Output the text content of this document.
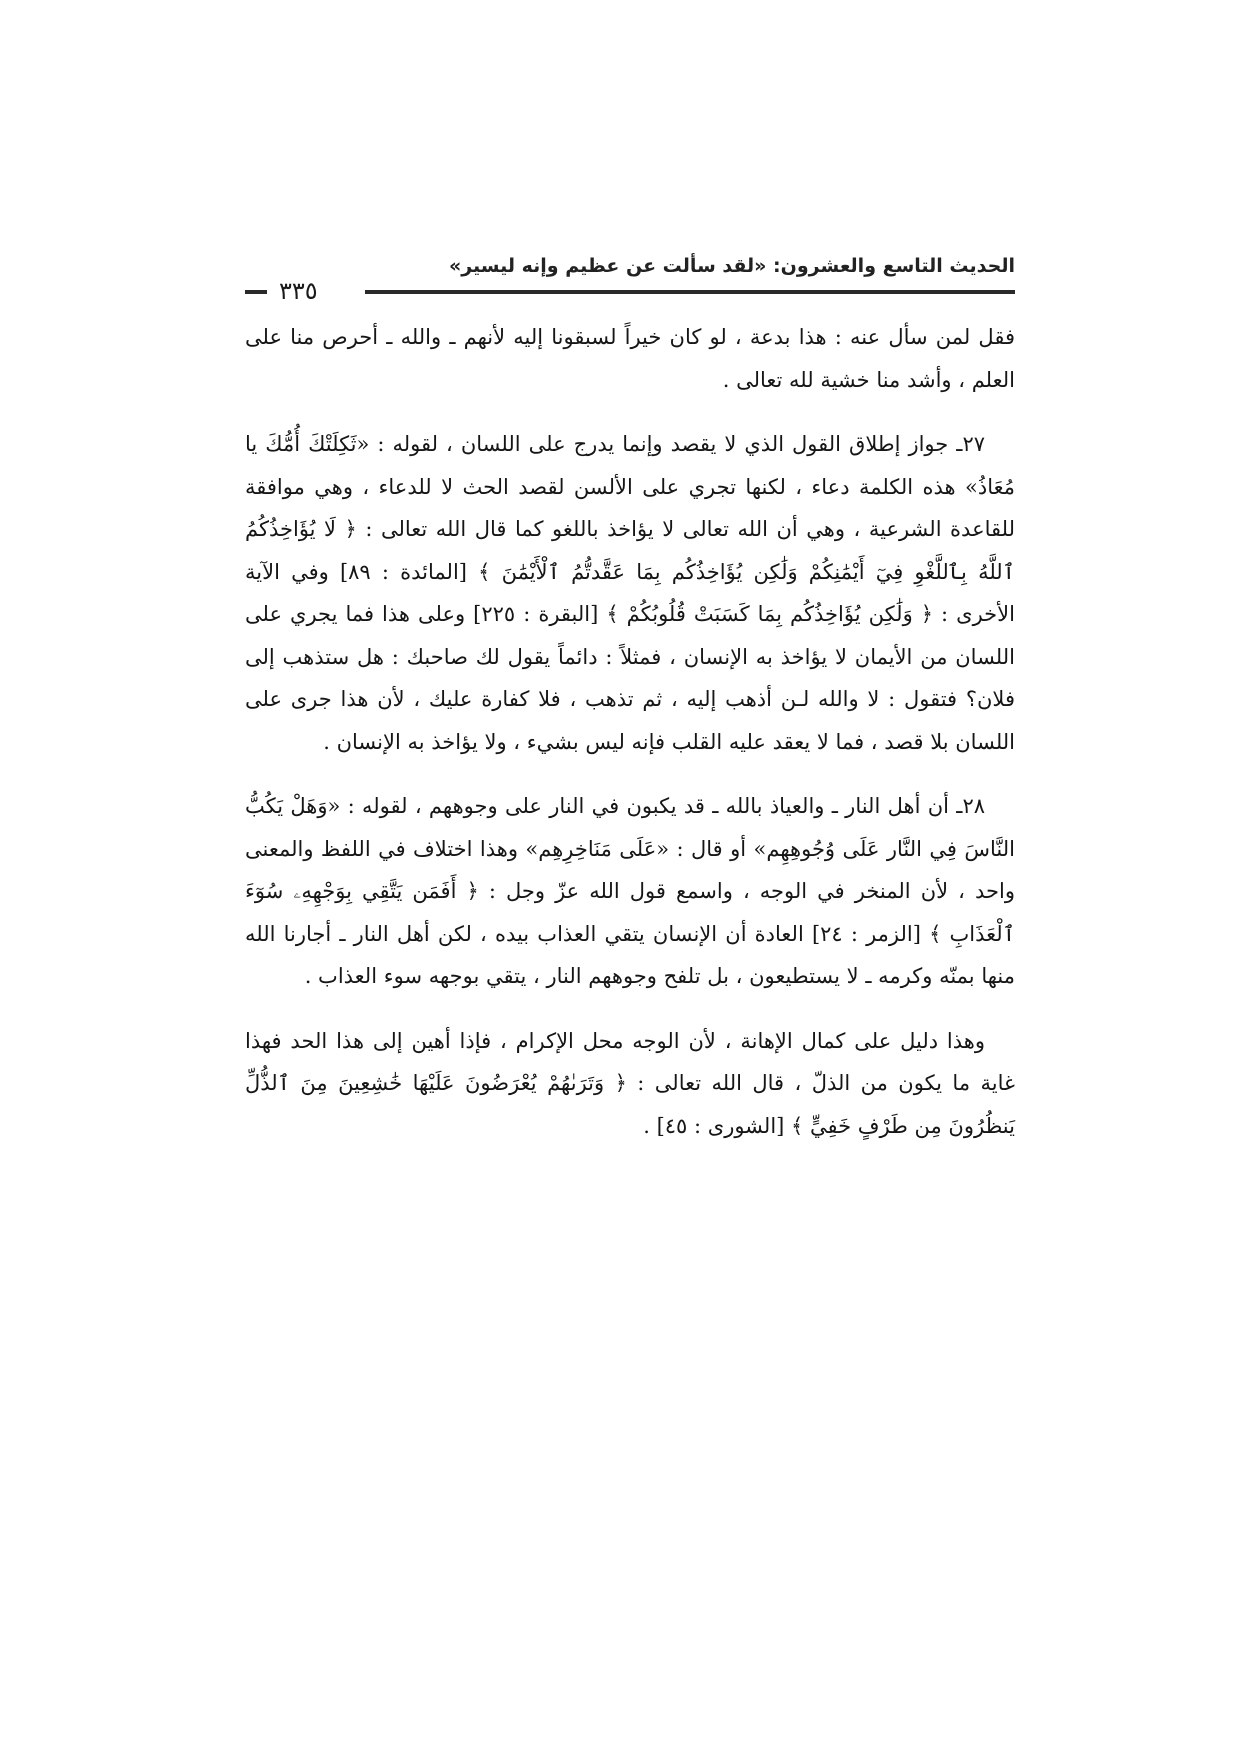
الحديث التاسع والعشرون: «لقد سألت عن عظيم وإنه ليسير»
٣٣٥

فقل لمن سأل عنه : هذا بدعة ، لو كان خيراً لسبقونا إليه لأنهم ـ والله ـ أحرص منا على العلم ، وأشد منا خشية لله تعالى .

٢٧ـ جواز إطلاق القول الذي لا يقصد وإنما يدرج على اللسان ، لقوله : «ثَكِلَتْكَ أُمُّكَ يا مُعَاذُ» هذه الكلمة دعاء ، لكنها تجري على الألسن لقصد الحث لا للدعاء ، وهي موافقة للقاعدة الشرعية ، وهي أن الله تعالى لا يؤاخذ باللغو كما قال الله تعالى : ﴿ لَا يُؤَاخِذُكُمُ ٱللَّهُ بِٱللَّغْوِ فِيٓ أَيْمَٰنِكُمْ وَلَٰكِن يُؤَاخِذُكُم بِمَا عَقَّدتُّمُ ٱلْأَيْمَٰنَ ﴾ [المائدة : ٨٩] وفي الآية الأخرى : ﴿ وَلَٰكِن يُؤَاخِذُكُم بِمَا كَسَبَتْ قُلُوبُكُمْ ﴾ [البقرة : ٢٢٥] وعلى هذا فما يجري على اللسان من الأيمان لا يؤاخذ به الإنسان ، فمثلاً : دائماً يقول لك صاحبك : هل ستذهب إلى فلان؟ فتقول : لا والله لـن أذهب إليه ، ثم تذهب ، فلا كفارة عليك ، لأن هذا جرى على اللسان بلا قصد ، فما لا يعقد عليه القلب فإنه ليس بشيء ، ولا يؤاخذ به الإنسان .

٢٨ـ أن أهل النار ـ والعياذ بالله ـ قد يكبون في النار على وجوههم ، لقوله : «وَهَلْ يَكُبُّ النَّاسَ فِي النَّار عَلَى وُجُوهِهِم» أو قال : «عَلَى مَنَاخِرِهِم» وهذا اختلاف في اللفظ والمعنى واحد ، لأن المنخر في الوجه ، واسمع قول الله عزّ وجل : ﴿ أَفَمَن يَتَّقِي بِوَجْهِهِۦ سُوٓءَ ٱلْعَذَابِ ﴾ [الزمر : ٢٤] العادة أن الإنسان يتقي العذاب بيده ، لكن أهل النار ـ أجارنا الله منها بمنّه وكرمه ـ لا يستطيعون ، بل تلفح وجوههم النار ، يتقي بوجهه سوء العذاب .

وهذا دليل على كمال الإهانة ، لأن الوجه محل الإكرام ، فإذا أهين إلى هذا الحد فهذا غاية ما يكون من الذلّ ، قال الله تعالى : ﴿ وَتَرَىٰهُمْ يُعْرَضُونَ عَلَيْهَا خَٰشِعِينَ مِنَ ٱلذُّلِّ يَنظُرُونَ مِن طَرْفٍ خَفِيٍّ ﴾ [الشورى : ٤٥] .
